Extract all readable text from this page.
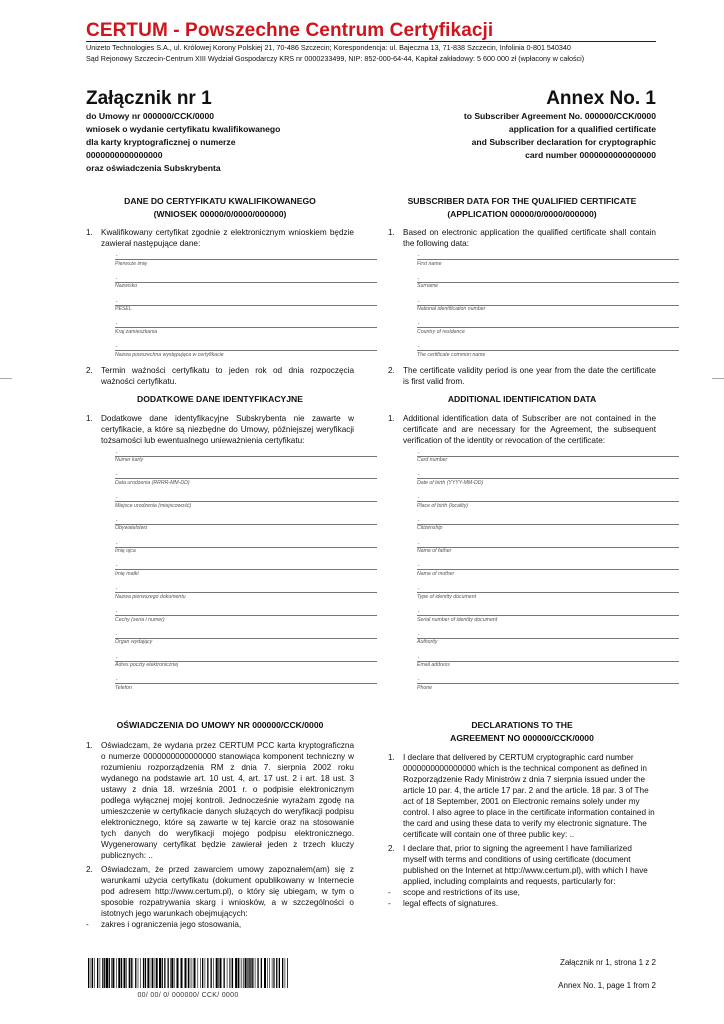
CERTUM - Powszechne Centrum Certyfikacji
Unizeto Technologies S.A., ul. Królowej Korony Polskiej 21, 70-486 Szczecin; Korespondencja: ul. Bajeczna 13, 71-838 Szczecin, Infolinia 0-801 540340
Sąd Rejonowy Szczecin-Centrum XIII Wydział Gospodarczy KRS nr 0000233499, NIP: 852-000-64-44, Kapitał zakładowy: 5 600 000 zł (wpłacony w całości)
Załącznik nr 1	Annex No. 1
do Umowy nr 000000/CCK/0000
wniosek o wydanie certyfikatu kwalifikowanego
dla karty kryptograficznej o numerze
0000000000000000
oraz oświadczenia Subskrybenta
to Subscriber Agreement No. 000000/CCK/0000
application for a qualified certificate
and Subscriber declaration for cryptographic
card number 0000000000000000
DANE DO CERTYFIKATU KWALIFIKOWANEGO
(WNIOSEK 00000/0/0000/000000)
1. Kwalifikowany certyfikat zgodnie z elektronicznym wnioskiem będzie zawierał następujące dane:
.
Pierwsze imię
.
Nazwisko
.
PESEL
.
Kraj zamieszkania
.
Nazwa powszechna występująca w certyfikacie
2. Termin ważności certyfikatu to jeden rok od dnia rozpoczęcia ważności certyfikatu.
DODATKOWE DANE IDENTYFIKACYJNE
1. Dodatkowe dane identyfikacyjne Subskrybenta nie zawarte w certyfikacie, a które są niezbędne do Umowy, późniejszej weryfikacji tożsamości lub ewentualnego unieważnienia certyfikatu:
.
Numer karty
.
Data urodzenia (RRRR-MM-DD)
.
Miejsce urodzenia (miejscowość)
.
Obywatelstwo
.
Imię ojca
.
Imię matki
.
Nazwa pierwszego dokumentu
.
Cechy (seria i numer)
.
Organ wydający
.
Adres poczty elektronicznej
.
Telefon
OŚWIADCZENIA DO UMOWY NR 000000/CCK/0000
1. Oświadczam, że wydana przez CERTUM PCC karta kryptograficzna o numerze 0000000000000000 stanowiąca komponent techniczny w rozumieniu rozporządzenia RM z dnia 7. sierpnia 2002 roku wydanego na podstawie art. 10 ust. 4, art. 17 ust. 2 i art. 18 ust. 3 ustawy z dnia 18. września 2001 r. o podpisie elektronicznym podlega wyłącznej mojej kontroli. Jednocześnie wyrażam zgodę na umieszczenie w certyfikacie danych służących do weryfikacji podpisu elektronicznego, które są zawarte w tej karcie oraz na stosowanie tych danych do weryfikacji mojego podpisu elektronicznego. Wygenerowany certyfikat będzie zawierał jeden z trzech kluczy publicznych: ..
2. Oświadczam, że przed zawarciem umowy zapoznałem(am) się z warunkami użycia certyfikatu (dokument opublikowany w Internecie pod adresem http://www.certum.pl), o który się ubiegam, w tym o sposobie rozpatrywania skarg i wniosków, a w szczególności o istotnych jego warunkach obejmujących:
- zakres i ograniczenia jego stosowania,
SUBSCRIBER DATA FOR THE QUALIFIED CERTIFICATE
(APPLICATION 00000/0/0000/000000)
1. Based on electronic application the qualified certificate shall contain the following data:
.
First name
.
Surname
.
National identification number
.
Country of residence
.
The certificate common name
2. The certificate validity period is one year from the date the certificate is first valid from.
ADDITIONAL IDENTIFICATION DATA
1. Additional identification data of Subscriber are not contained in the certificate and are necessary for the Agreement, the subsequent verification of the identity or revocation of the certificate:
.
Card number
.
Date of birth (YYYY-MM-DD)
.
Place of birth (locality)
.
Citizenship
.
Name of father
.
Name of mother
.
Type of identity document
.
Serial number of identity document
.
Authority
.
Email address
.
Phone
DECLARATIONS TO THE
AGREEMENT NO 000000/CCK/0000
1. I declare that delivered by CERTUM cryptographic card number 0000000000000000 which is the technical component as defined in Rozporządzenie Rady Ministrów z dnia 7 sierpnia issued under the article 10 par. 4, the article 17 par. 2 and the article. 18 par. 3 of The act of 18 September, 2001 on Electronic remains solely under my control. I also agree to place in the certificate information contained in the card and using these data to verify my electronic signature. The certificate will contain one of three public key: ..
2. I declare that, prior to signing the agreement I have familiarized myself with terms and conditions of using certificate (document published on the Internet at http://www.certum.pl), with which I have applied, including complaints and requests, particularly for:
- scope and restrictions of its use,
- legal effects of signatures.
00/ 00/ 0/ 000000/ CCK/ 0000
Załącznik nr 1, strona 1 z 2
Annex No. 1, page 1 from 2
